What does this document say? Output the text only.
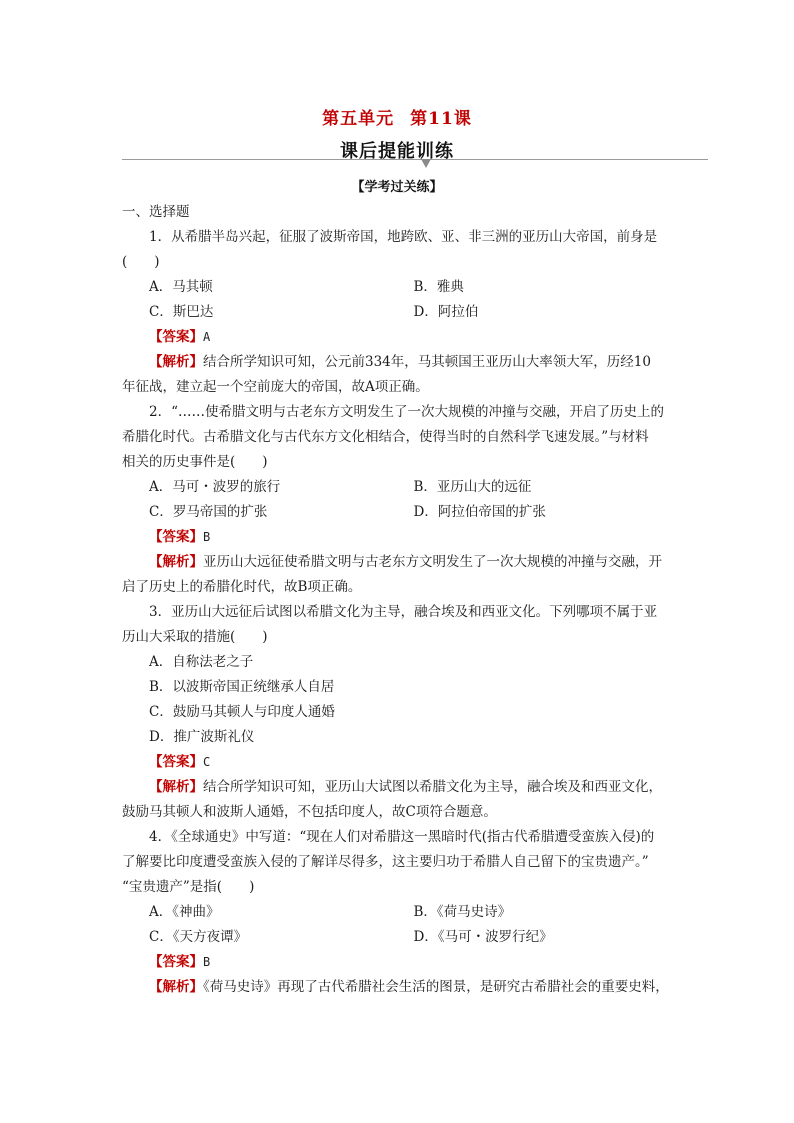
第五单元 第11课
课后提能训练
【学考过关练】
一、选择题
1．从希腊半岛兴起，征服了波斯帝国，地跨欧、亚、非三洲的亚历山大帝国，前身是
(　　)
A．马其顿	B．雅典
C．斯巴达	D．阿拉伯
【答案】A
【解析】结合所学知识可知，公元前334年，马其顿国王亚历山大率领大军，历经10
年征战，建立起一个空前庞大的帝国，故A项正确。
2．“……使希腊文明与古老东方文明发生了一次大规模的冲撞与交融，开启了历史上的
希腊化时代。古希腊文化与古代东方文化相结合，使得当时的自然科学飞速发展。”与材料
相关的历史事件是(　　)
A．马可・波罗的旅行	B．亚历山大的远征
C．罗马帝国的扩张	D．阿拉伯帝国的扩张
【答案】B
【解析】亚历山大远征使希腊文明与古老东方文明发生了一次大规模的冲撞与交融，开
启了历史上的希腊化时代，故B项正确。
3．亚历山大远征后试图以希腊文化为主导，融合埃及和西亚文化。下列哪项不属于亚
历山大采取的措施(　　)
A．自称法老之子
B．以波斯帝国正统继承人自居
C．鼓励马其顿人与印度人通婚
D．推广波斯礼仪
【答案】C
【解析】结合所学知识可知，亚历山大试图以希腊文化为主导，融合埃及和西亚文化，
鼓励马其顿人和波斯人通婚，不包括印度人，故C项符合题意。
4．《全球通史》中写道：“现在人们对希腊这一黑暗时代(指古代希腊遭受蛮族入侵)的
了解要比印度遭受蛮族入侵的了解详尽得多，这主要归功于希腊人自己留下的宝贵遗产。”
“宝贵遗产”是指(　　)
A．《神曲》	B．《荷马史诗》
C．《天方夜谭》	D．《马可・波罗行纪》
【答案】B
【解析】《荷马史诗》再现了古代希腊社会生活的图景，是研究古希腊社会的重要史料，
